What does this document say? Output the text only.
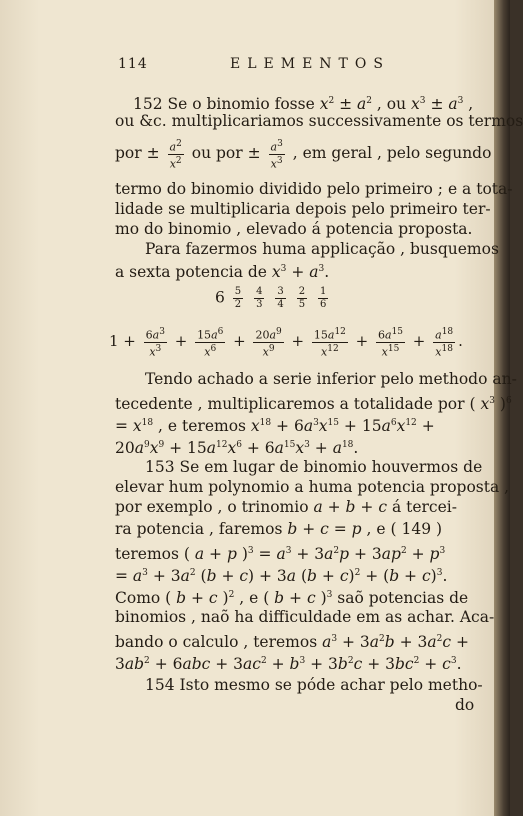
114	ELEMENTOS
152 Se o binomio fosse $x^2 \pm a^2$ , ou $x^3 \pm a^3$ ,
ou &c. multiplicariamos successivamente os termos
por ± $\frac{a^2}{x^2}$ ou por ± $\frac{a^3}{x^3}$ , em geral , pelo segundo
termo do binomio dividido pelo primeiro ; e a tota-
lidade se multiplicaria depois pelo primeiro ter-
mo do binomio , elevado á potencia proposta.
Para fazermos huma applicação , busquemos
a sexta potencia de $x^3 + a^3$.
$6 \frac{5}{2}$
$\frac{4}{3}$
$\frac{3}{4}$
$\frac{2}{5}$
$\frac{1}{6}$
$1 + \frac{6a^3}{x^3} + \frac{15a^6}{x^6} + \frac{20a^9}{x^9} + \frac{15a^{12}}{x^{12}} + \frac{6a^{15}}{x^{15}} + \frac{a^{18}}{x^{18}}$ .
Tendo achado a serie inferior pelo methodo an-
tecedente , multiplicaremos a totalidade por ( $x^3$ )$^6$
= $x^{18}$ , e teremos $x^{18} + 6a^3x^{15} + 15a^6x^{12}$ +
$20a^9x^9 + 15a^{12}x^6 + 6a^{15}x^3 + a^{18}$.
153 Se em lugar de binomio houvermos de
elevar hum polynomio a huma potencia proposta ,
por exemplo , o trinomio a + b + c á tercei-
ra potencia , faremos b + c = p , e ( 149 )
teremos ( a + p )$^3 = a^3 + 3a^2p + 3ap^2 + p^3$
= $a^3 + 3a^2$ (b + c) + 3a $(b + c)^2 + (b + c)^3$.
Como ( b + c )$^2$ , e ( b + c )$^3$ saõ potencias de
binomios , naõ ha difficuldade em as achar. Aca-
bando o calculo , teremos $a^3 + 3a^2b + 3a^2c$ +
$3ab^2 + 6abc + 3ac^2 + b^3 + 3b^2c + 3bc^2 + c^3$.
154 Isto mesmo se póde achar pelo metho-
do
